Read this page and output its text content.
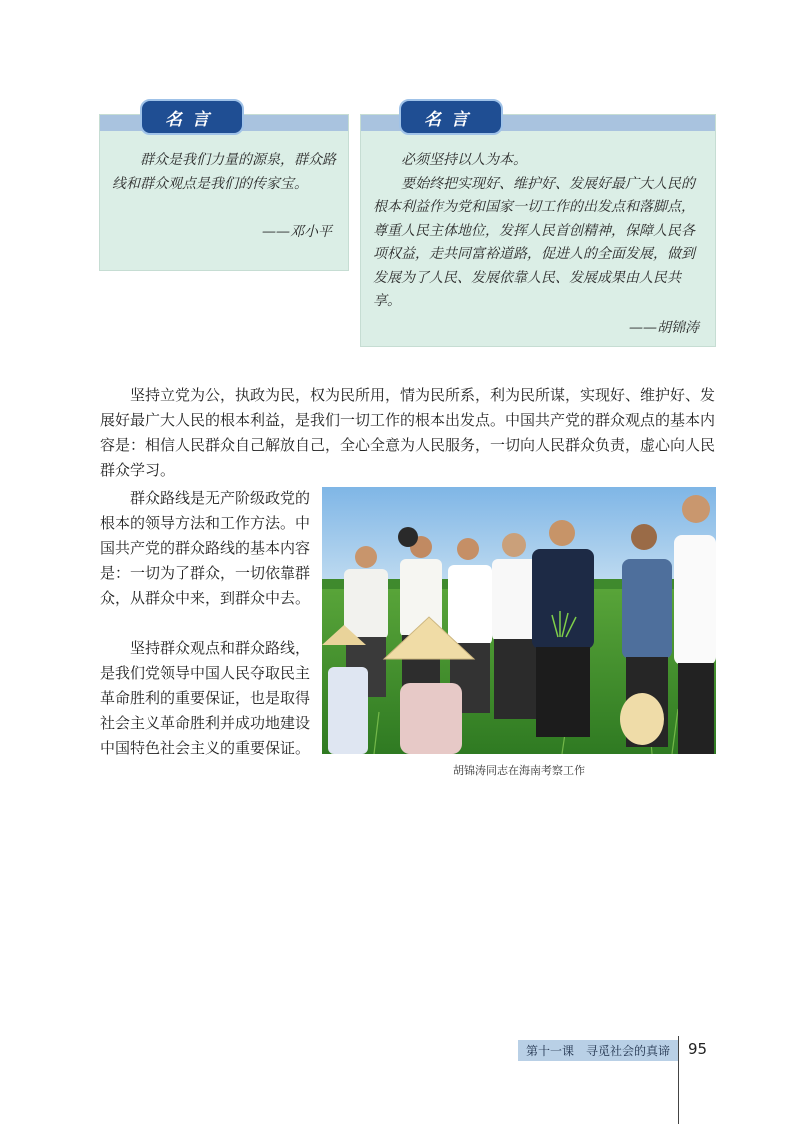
名言

群众是我们力量的源泉，群众路线和群众观点是我们的传家宝。

——邓小平
名言

必须坚持以人为本。

要始终把实现好、维护好、发展好最广大人民的根本利益作为党和国家一切工作的出发点和落脚点，尊重人民主体地位，发挥人民首创精神，保障人民各项权益，走共同富裕道路，促进人的全面发展，做到发展为了人民、发展依靠人民、发展成果由人民共享。

——胡锦涛

坚持立党为公，执政为民，权为民所用，情为民所系，利为民所谋，实现好、维护好、发展好最广大人民的根本利益，是我们一切工作的根本出发点。中国共产党的群众观点的基本内容是：相信人民群众自己解放自己，全心全意为人民服务，一切向人民群众负责，虚心向人民群众学习。

群众路线是无产阶级政党的根本的领导方法和工作方法。中国共产党的群众路线的基本内容是：一切为了群众，一切依靠群众，从群众中来，到群众中去。

坚持群众观点和群众路线，是我们党领导中国人民夺取民主革命胜利的重要保证，也是取得社会主义革命胜利并成功地建设中国特色社会主义的重要保证。

胡锦涛同志在海南考察工作
第十一课 寻觅社会的真谛 95
